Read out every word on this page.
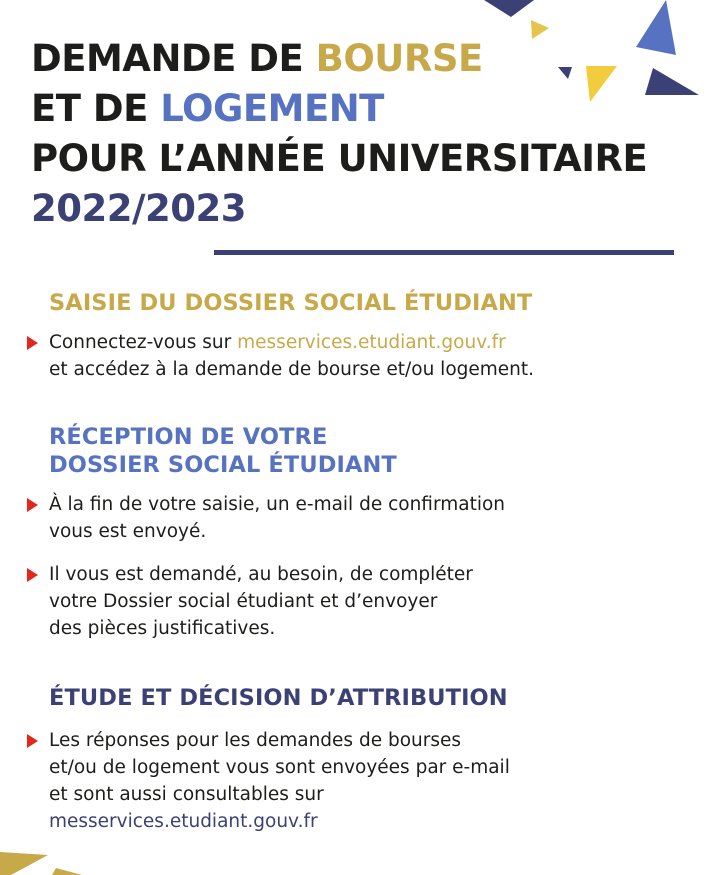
DEMANDE DE BOURSE
ET DE LOGEMENT
POUR L’ANNÉE UNIVERSITAIRE
2022/2023
SAISIE DU DOSSIER SOCIAL ÉTUDIANT
Connectez-vous sur messervices.etudiant.gouv.fr
et accédez à la demande de bourse et/ou logement.
RÉCEPTION DE VOTRE
DOSSIER SOCIAL ÉTUDIANT
À la fin de votre saisie, un e-mail de confirmation
vous est envoyé.
Il vous est demandé, au besoin, de compléter
votre Dossier social étudiant et d’envoyer
des pièces justificatives.
ÉTUDE ET DÉCISION D’ATTRIBUTION
Les réponses pour les demandes de bourses
et/ou de logement vous sont envoyées par e-mail
et sont aussi consultables sur
messervices.etudiant.gouv.fr
